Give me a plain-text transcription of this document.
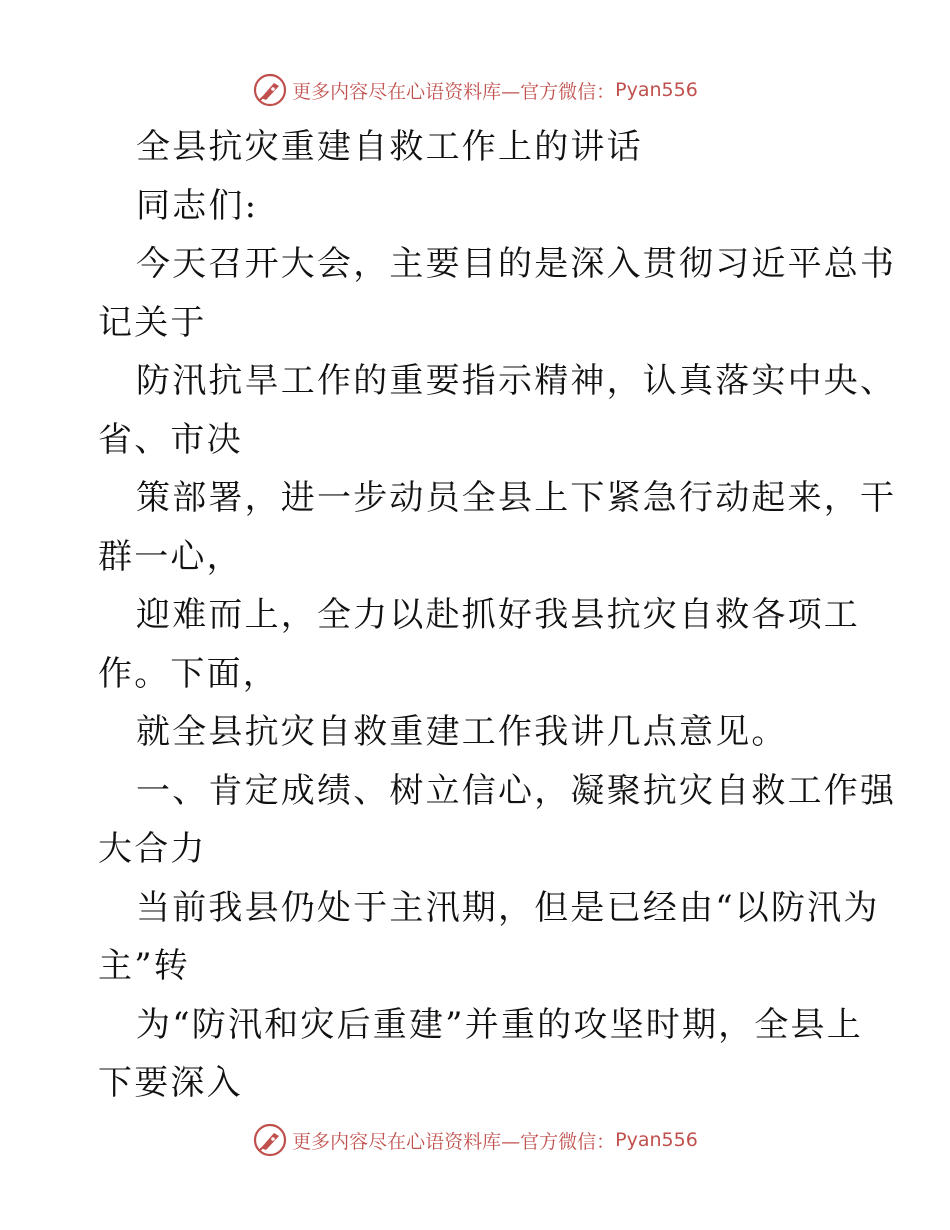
更多内容尽在心语资料库—官方微信： Pyan556
全县抗灾重建自救工作上的讲话
同志们:
今天召开大会，主要目的是深入贯彻习近平总书
记关于
防汛抗旱工作的重要指示精神，认真落实中央、
省、市决
策部署，进一步动员全县上下紧急行动起来，干
群一心，
迎难而上，全力以赴抓好我县抗灾自救各项工
作。下面，
就全县抗灾自救重建工作我讲几点意见。
一、肯定成绩、树立信心，凝聚抗灾自救工作强
大合力
当前我县仍处于主汛期，但是已经由“以防汛为
主”转
为“防汛和灾后重建”并重的攻坚时期，全县上
下要深入
更多内容尽在心语资料库—官方微信： Pyan556
